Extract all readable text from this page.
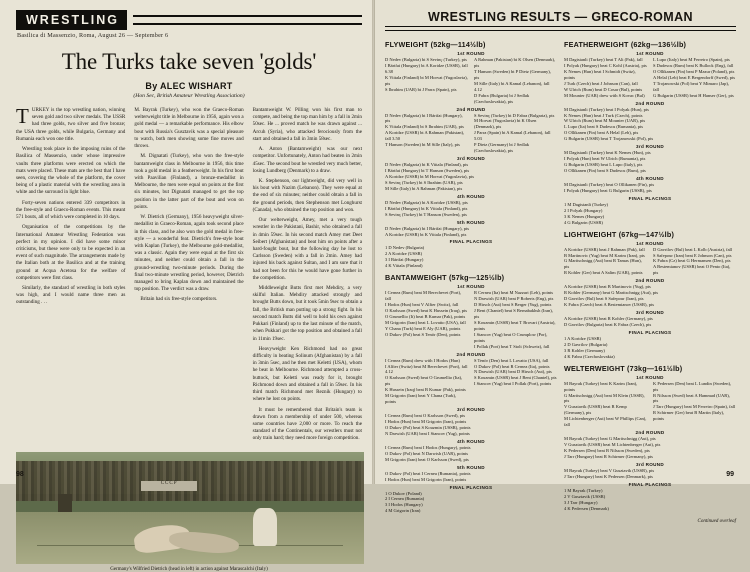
WRESTLING
Basilica di Massenzio, Roma, August 26 — September 6
The Turks take seven 'golds'
By ALEC WISHART
(Hon Sec, British Amateur Wrestling Association)

TURKEY is the top wrestling nation, winning seven gold and two silver medals. The USSR had three golds, two silver and five bronze; the USA three golds, while Bulgaria, Germany and Rumania each won one title.

Wrestling took place in the imposing ruins of the Basilica of Massenzio, under whose impressive vaults three platforms were erected on which the mats were placed. These mats are the best that I have seen, covering the whole of the platform, the cover being of a plastic material with the wrestling area in white and the surround in light blue.

Forty-seven nations entered 339 competitors in the free-style and Graeco-Roman events. This meant 571 bouts, all of which were completed in 10 days.

Organisation of the competitions by the International Amateur Wrestling Federation was perfect in my opinion. I did have some minor criticisms, but these were only to be expected in an event of such magnitude. The arrangements made by the Italian both at the Basilica and at the training ground at Acqua Acetosa for the welfare of competitors were first class.

Similarly, the standard of wrestling in both styles was high, and I would name three men as outstanding . . .

M. Bayrak (Turkey), who won the Graeco-Roman welterweight title in Melbourne in 1956, again won a gold medal — a remarkable performance. His elbow bout with Russia's Gusztavik was a special pleasure to watch, both men showing some fine moves and throws.

M. Dignatati (Turkey), who won the free-style bantamweight class in Melbourne in 1956, this time took a gold medal in a featherweight. In his first bout with Paavilian (Finland), a bronze-medallist in Melbourne, the men were equal on points at the first six minutes, but Dignatati managed to get the top position in the latter part of the bout and won on points.

W. Dietrich (Germany), 1956 heavyweight silver-medallist in Graeco-Roman, again took second place in this class, and he also won the gold medal in free-style — a wonderful feat. Dietrich's free-style bout with Kaplan (Turkey), the Melbourne gold-medallist, was a classic. Again they were equal at the first six minutes, and neither could obtain a fall in the ground-wrestling two-minute periods. During the final two-minute wrestling period, however, Dietrich managed to bring Kaplan down and maintained the top position. The verdict was a draw.

Britain had six free-style competitors.

Bantamweight W. Pilling won his first man to compete, and being the top man him by a fall in 2min 50sec. He ... proved match he was drawn against ... Arcuh (Syria), who attacked ferociously from the start and obtained a fall in 3min 58sec.

A. Anton (Bantamweight) was our next competitor. Unfortunately, Anton had beaten in 2min 45sec. The second bout he wrestled very much better, losing Lundberg (Denmark) to a draw.

K. Stephenson, our lightweight, did very well in his bout with Nazim (Lebanon). They were equal at the end of six minutes; neither could obtain a fall in the ground periods, then Stephenson met Longhurst (Canada), who obtained the top position and won.

Our welterweight, Amey, met a very tough wrestler in the Pakistani, Bashir, who obtained a fall in 4min 59sec. In his second match Amey met Deet Seibert (Afghanistan) and beat him on points after a hard-fought bout, but the following day he lost to Carlsson (Sweden) with a fall in 2min. Amey had injured his back against Sultan, and I am sure that it had not been for this he would have gone further in the competition.

Middleweight Butts first met Mehdiry, a very skilful Italian. Mehdiry attacked strongly and brought Butts down, but it took 5min 9sec to obtain a fall, the British man putting up a strong fight. In his second match Butts did well to hold his own against Pukkari (Finland) up to the last minute of the match, when Pukkari got the top position and obtained a fall in 11min 19sec.

Heavyweight Ken Richmond had no great difficulty in beating Solinum (Afghanistan) by a fall in 3min 5sec, and he then met Keletti (USA), whom he beat in Melbourne. Richmond attempted a cross-buttock, but Keletti was ready for it, brought Richmond down and obtained a fall in 59sec. In his third match Richmond met Reznik (Hungary) to where he lost on points.

It must be remembered that Britain's team is drawn from a membership of under 500, whereas some countries have 2,000 or more. To reach the standard of the Continentals, our wrestlers must not only train hard; they need more foreign competition.

CCCP
Germany's Wilfried Dietrich (head in left) in action against Marascalchi (Italy)
98
WRESTLING RESULTS — GRECO-ROMAN
FLYWEIGHT (52kg—114½lb)
1st ROUND

D Nedev (Bulgaria) bt S Sevinç (Turkey), pts

I Bártfai (Hungary) bt A Koridze (USSR), fall 6.38

K Viitala (Finland) bt M Horvat (Yugoslavia), pts

S Ibrahim (UAR) bt J Parra (Spain), pts

A Rahman (Pakistan) bt K Olsen (Denmark), pts

T Hanson (Sweden) bt P Dietz (Germany), pts

M Sille (Italy) bt A Kamal (Lebanon), fall 4.12

D Fabra (Bulgaria) bt J Sedlak (Czechoslovakia), pts

2nd ROUND

D Nedev (Bulgaria) bt I Bártfai (Hungary), pts

K Viitala (Finland) bt S Ibrahim (UAR), pts

A Koridze (USSR) bt A Rahman (Pakistan), fall 3.50

T Hanson (Sweden) bt M Sille (Italy), pts

S Sevinç (Turkey) bt D Fabra (Bulgaria), pts

M Horvat (Yugoslavia) bt K Olsen (Denmark), pts

J Parra (Spain) bt A Kamal (Lebanon), fall 5.03

P Dietz (Germany) bt J Sedlak (Czechoslovakia), pts

3rd ROUND

D Nedev (Bulgaria) bt K Viitala (Finland), pts

I Bártfai (Hungary) bt T Hanson (Sweden), pts

A Koridze (USSR) bt M Horvat (Yugoslavia), pts

S Sevinç (Turkey) bt S Ibrahim (UAR), pts

M Sille (Italy) bt A Rahman (Pakistan), pts

4th ROUND

D Nedev (Bulgaria) bt A Koridze (USSR), pts

I Bártfai (Hungary) bt K Viitala (Finland), pts

S Sevinç (Turkey) bt T Hanson (Sweden), pts

5th ROUND

D Nedev (Bulgaria) bt I Bártfai (Hungary), pts

A Koridze (USSR) bt K Viitala (Finland), pts

FINAL PLACINGS

1 D Nedev (Bulgaria)

2 A Koridze (USSR)

3 I Bártfai (Hungary)

4 K Viitala (Finland)

BANTAMWEIGHT (57kg—125½lb)
1st ROUND

I Cernea (Rum) beat M Berechevet (Port), fall

I Hodos (Hun) beat V Alfier (Switz), fall

O Karlsson (Swed) beat K Hussein (Iraq), pts

O Grumellio (It) beat B Kumar (Pak), points

M Grigorin (Iran) beat L Lovatto (USA), fall

Y Chana (Turk) beat E Aly (UAR), points

O Dukov (Pol) beat S Tenör (Den), points

R Cernea (Ita) beat M Nazzari (Leb), points

N Darwish (UAR) beat P Roberts (Eng), pts

D Hirsch (Aut) beat S Berger (Yug), points

J Bent (Chantel) beat S Bernabakhsh (Iran), pts

S Kouzmin (USSR) beat T Brovari (Austria), points

I Stancov (Yug) beat O Crumplow (Por), points

I Pollak (Port) beat T Stolt (Schweiz), fall

2nd ROUND

I Cernea (Rum) drew with I Hodos (Hun)

I Alfier (Switz) beat M Berechevet (Port), fall 4.12

O Karlsson (Swed) beat O Grumellio (Ita), pts

K Hussein (Iraq) beat B Kumar (Pak), points

M Grigorin (Iran) beat Y Chana (Turk), points

S Tenör (Den) beat L Lovatto (USA), fall

O Dukov (Pol) beat R Cernea (Ita), points

N Darwish (UAR) beat D Hirsch (Aut), pts

S Kouzmin (USSR) beat J Bent (Chantel), pts

I Stancov (Yug) beat I Pollak (Port), points

3rd ROUND

I Cernea (Rum) beat O Karlsson (Swed), pts

I Hodos (Hun) beat M Grigorin (Iran), points

O Dukov (Pol) beat S Kouzmin (USSR), points

N Darwish (UAR) beat I Stancov (Yug), points

4th ROUND

I Cernea (Rum) beat I Hodos (Hungary), points

O Dukov (Pol) beat N Darwish (UAR), points

M Grigorin (Iran) beat O Karlsson (Swed), pts

5th ROUND

O Dukov (Pol) beat I Cernea (Rumania), points

I Hodos (Hun) beat M Grigorin (Iran), points

FINAL PLACINGS

1 O Dukov (Poland)

2 I Cernea (Rumania)

3 I Hodos (Hungary)

4 M Grigorin (Iran)

FEATHERWEIGHT (62kg—136½lb)
1st ROUND

M Dagistanli (Turkey) beat T Ali (Pak), fall

I Polyak (Hungary) beat C Kohl (Austria), pts

K Nemes (Hun) beat I Schmidt (Switz), points

J Turk (Czech) beat J Johnson (Can), fall

W Ulrich (Rum) beat D Cosar (Bul), points

M Mounier (UAR) drew with S Kovac (Bul)

L Lupo (Italy) beat M Ferreiro (Spain), pts

S Dudescu (Rum) beat K Bullock (Eng), fall

O Ollikanen (Fin) beat P Mazur (Poland), pts

A Helal (Leb) beat E Bergendorff (Swed), pts

T Trojanowski (Pol) beat Y Mimaro (Jap), fall

G Bulgarin (USSR) beat H Hanser (Ger), pts

2nd ROUND

M Dagistanli (Turkey) beat I Polyak (Hun), pts

K Nemes (Hun) beat J Turk (Czech), points

W Ulrich (Rum) beat M Mounier (UAR), pts

L Lupo (Ita) beat S Dudescu (Rumania), pts

O Ollikanen (Fin) beat A Helal (Leb), pts

G Bulgarin (USSR) beat T Trojanowski (Pol), pts

3rd ROUND

M Dagistanli (Turkey) beat K Nemes (Hun), pts

I Polyak (Hun) beat W Ulrich (Rumania), pts

G Bulgarin (USSR) beat L Lupo (Italy), pts

O Ollikanen (Fin) beat S Dudescu (Rum), pts

4th ROUND

M Dagistanli (Turkey) beat O Ollikanen (Fin), pts

I Polyak (Hungary) beat G Bulgarin (USSR), pts

FINAL PLACINGS

1 M Dagistanli (Turkey)

2 I Polyak (Hungary)

3 K Nemes (Hungary)

4 G Bulgarin (USSR)

LIGHTWEIGHT (67kg—147½lb)
1st ROUND

A Koridze (USSR) beat J Rahman (Pak), fall

B Martinovic (Yug) beat M Karim (Iran), pts

G Maritschnigg (Aut) beat R Tamas (Hun), pts

R Kohler (Ger) beat A Salim (UAR), points

D Gavrilov (Bul) beat L Kolb (Austria), fall

S Safepour (Iran) beat E Johnson (Can), pts

K Fabra (Cz) beat G Hermansen (Den), pts

A Bestemianov (USSR) beat O Pento (Ita), pts

2nd ROUND

A Koridze (USSR) beat B Martinovic (Yug), pts

R Kohler (Germany) beat G Maritschnigg (Aut), pts

D Gavrilov (Bul) beat S Safepour (Iran), pts

K Fabra (Czech) beat A Bestemianov (USSR), pts

3rd ROUND

A Koridze (USSR) beat R Kohler (Germany), pts

D Gavrilov (Bulgaria) beat K Fabra (Czech), pts

FINAL PLACINGS

1 A Koridze (USSR)

2 D Gavrilov (Bulgaria)

3 R Kohler (Germany)

4 K Fabra (Czechoslovakia)

WELTERWEIGHT (73kg—161½lb)
1st ROUND

M Bayrak (Turkey) beat K Karim (Iran), points

G Maritschnigg (Aut) beat M Klein (USSR), pts

V Gusztavik (USSR) beat R Kemp (Germany), pts

M Lichtenberger (Aut) beat W Phillips (Can), fall

K Pedersen (Den) beat L Lundin (Sweden), pts

B Nilsson (Swed) beat A Hammad (UAR), pts

J Tarr (Hungary) beat M Ferreiro (Spain), fall

R Schirmer (Ger) beat B Martin (Italy), points

2nd ROUND

M Bayrak (Turkey) beat G Maritschnigg (Aut), pts

V Gusztavik (USSR) beat M Lichtenberger (Aut), pts

K Pedersen (Den) beat B Nilsson (Sweden), pts

J Tarr (Hungary) beat R Schirmer (Germany), pts

3rd ROUND

M Bayrak (Turkey) beat V Gusztavik (USSR), pts

J Tarr (Hungary) beat K Pedersen (Denmark), pts

FINAL PLACINGS

1 M Bayrak (Turkey)

2 V Gusztavik (USSR)

3 J Tarr (Hungary)

4 K Pedersen (Denmark)

Continued overleaf
99
